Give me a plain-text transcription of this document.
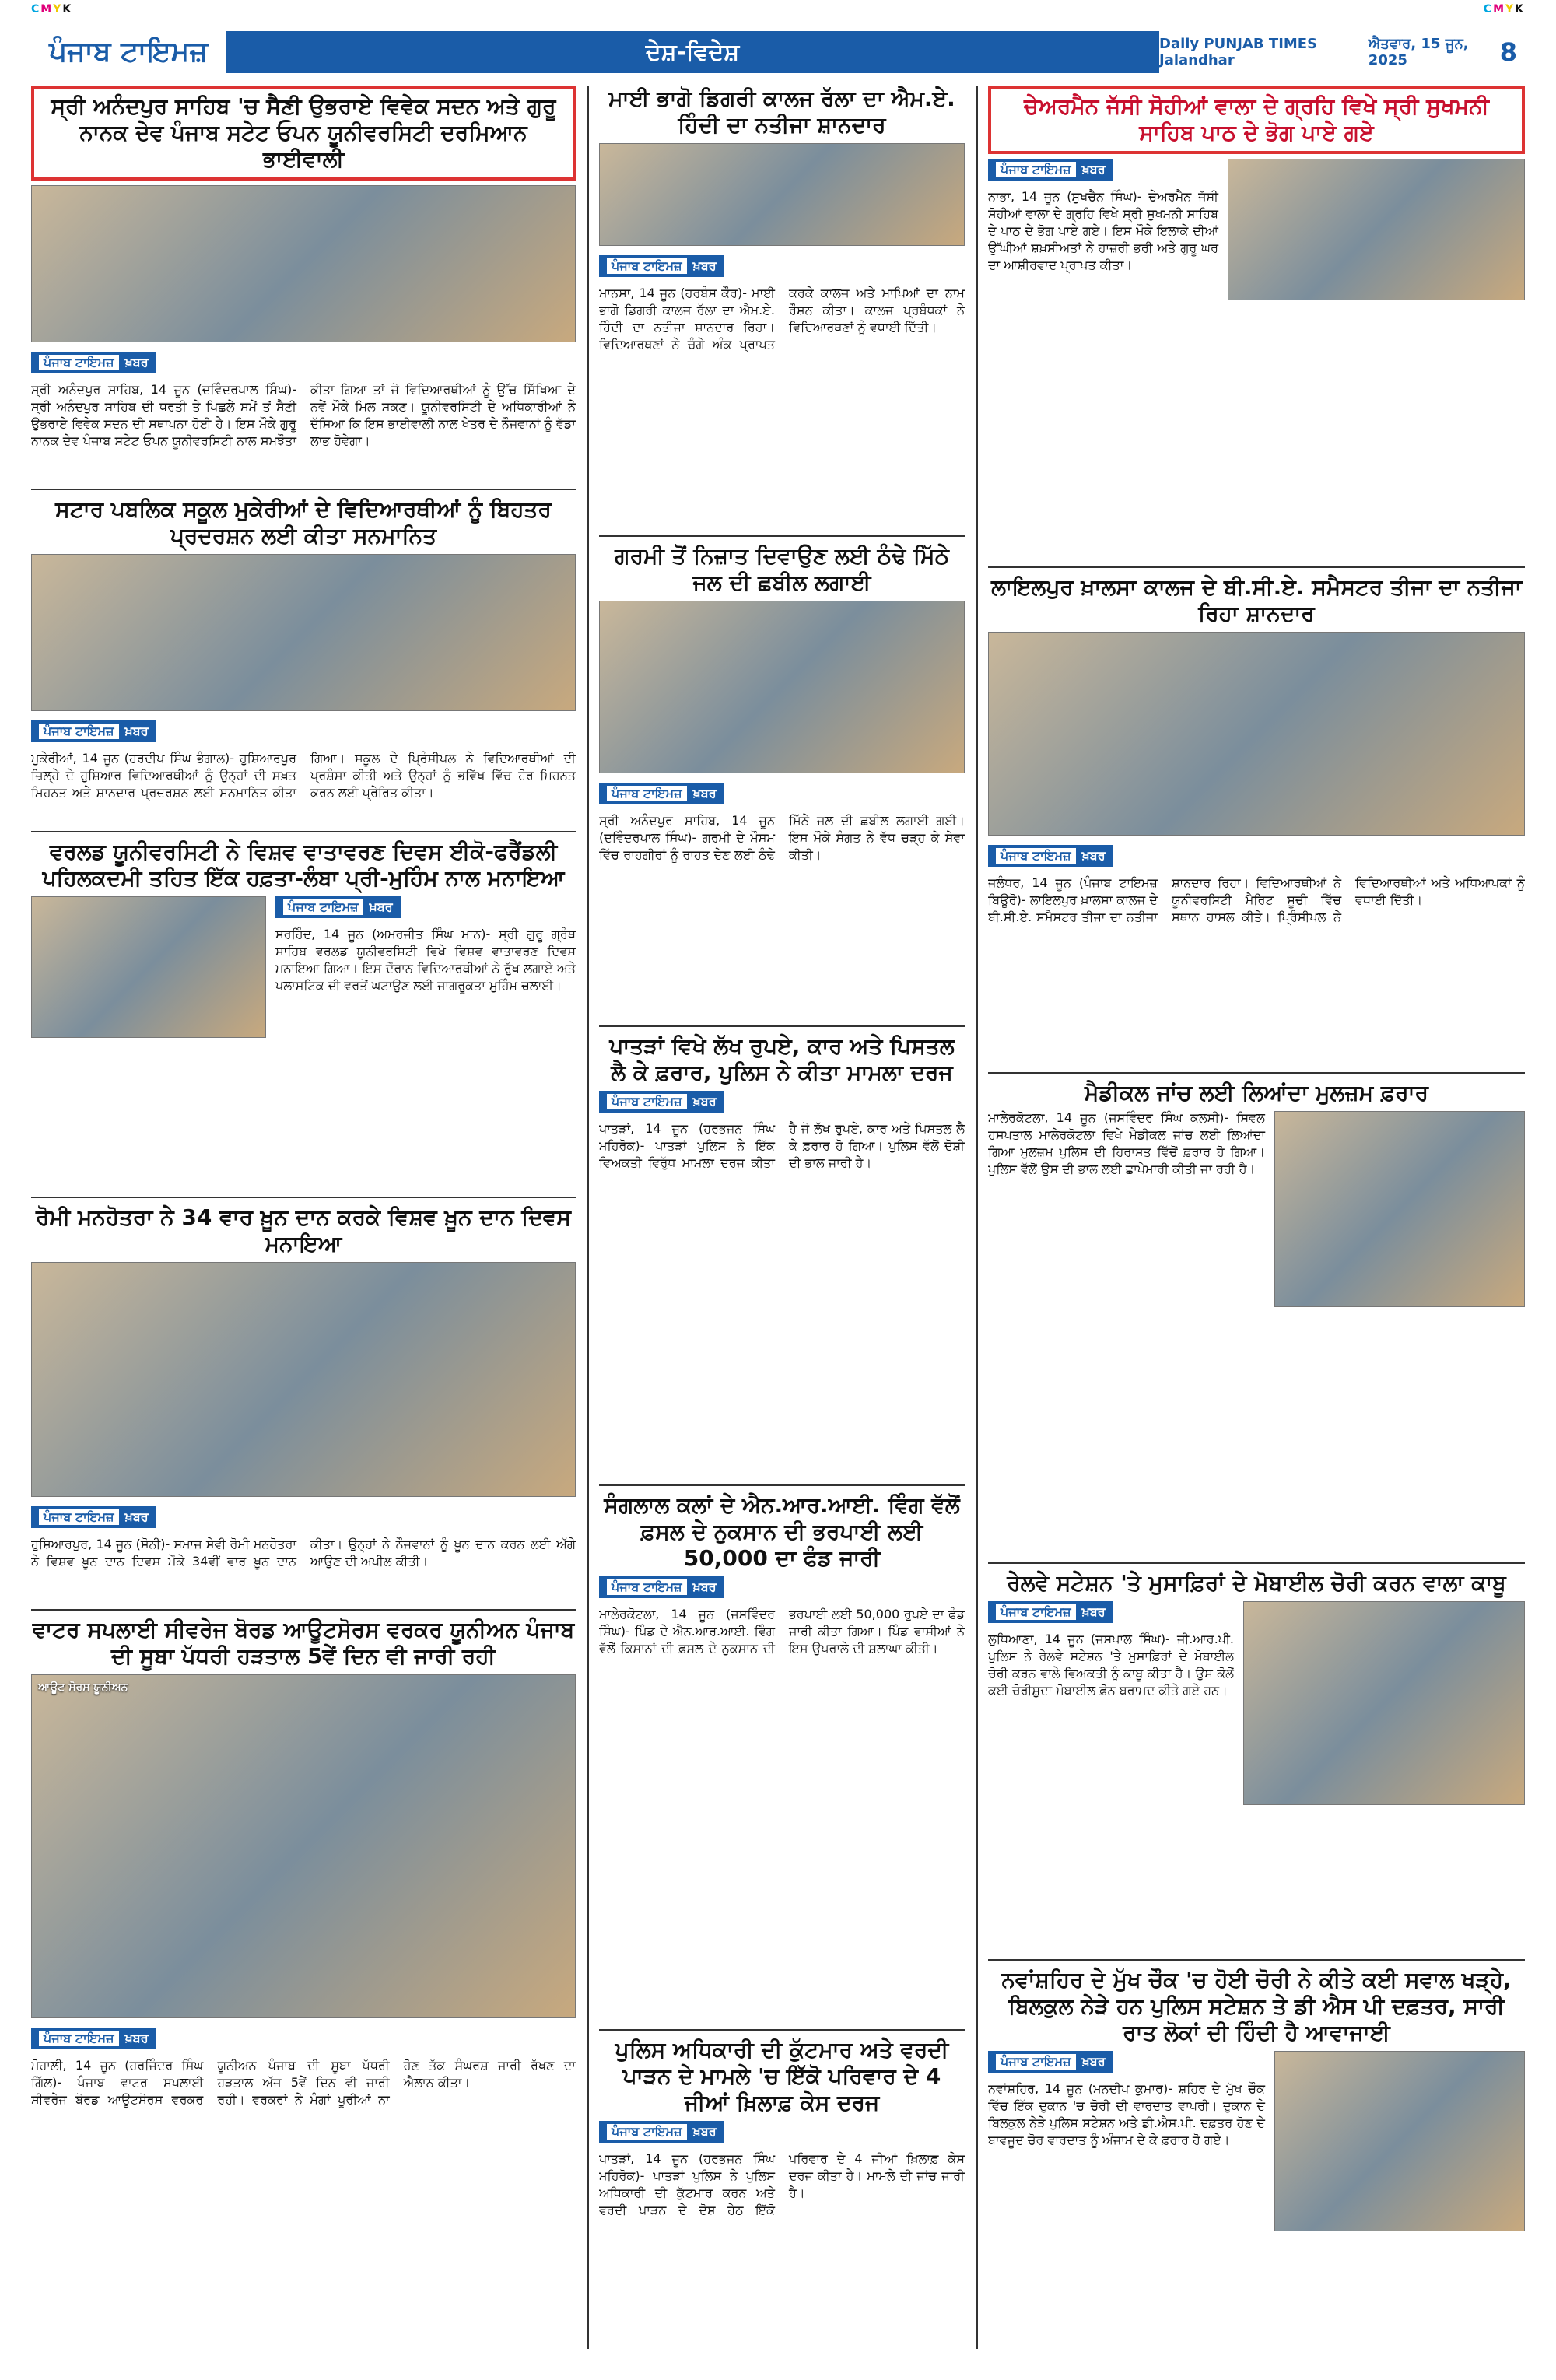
CMYK	CMYK
ਪੰਜਾਬ ਟਾਇਮਜ਼	ਦੇਸ਼-ਵਿਦੇਸ਼	Daily PUNJAB TIMES Jalandhar
ਐਤਵਾਰ, 15 ਜੂਨ, 2025	8
ਸ੍ਰੀ ਅਨੰਦਪੁਰ ਸਾਹਿਬ 'ਚ ਸੈਣੀ ਉਭਰਾਏ ਵਿਵੇਕ ਸਦਨ ਅਤੇ ਗੁਰੂ ਨਾਨਕ ਦੇਵ ਪੰਜਾਬ ਸਟੇਟ ਓਪਨ ਯੂਨੀਵਰਸਿਟੀ ਦਰਮਿਆਨ ਭਾਈਵਾਲੀ
ਪੰਜਾਬ ਟਾਇਮਜ਼ ਖ਼ਬਰ

ਸ੍ਰੀ ਅਨੰਦਪੁਰ ਸਾਹਿਬ, 14 ਜੂਨ (ਦਵਿੰਦਰਪਾਲ ਸਿੰਘ)- ਸ੍ਰੀ ਅਨੰਦਪੁਰ ਸਾਹਿਬ ਦੀ ਧਰਤੀ ਤੇ ਪਿਛਲੇ ਸਮੇਂ ਤੋਂ ਸੈਣੀ ਉਭਰਾਏ ਵਿਵੇਕ ਸਦਨ ਦੀ ਸਥਾਪਨਾ ਹੋਈ ਹੈ। ਇਸ ਮੌਕੇ ਗੁਰੂ ਨਾਨਕ ਦੇਵ ਪੰਜਾਬ ਸਟੇਟ ਓਪਨ ਯੂਨੀਵਰਸਿਟੀ ਨਾਲ ਸਮਝੌਤਾ ਕੀਤਾ ਗਿਆ ਤਾਂ ਜੋ ਵਿਦਿਆਰਥੀਆਂ ਨੂੰ ਉੱਚ ਸਿੱਖਿਆ ਦੇ ਨਵੇਂ ਮੌਕੇ ਮਿਲ ਸਕਣ। ਯੂਨੀਵਰਸਿਟੀ ਦੇ ਅਧਿਕਾਰੀਆਂ ਨੇ ਦੱਸਿਆ ਕਿ ਇਸ ਭਾਈਵਾਲੀ ਨਾਲ ਖੇਤਰ ਦੇ ਨੌਜਵਾਨਾਂ ਨੂੰ ਵੱਡਾ ਲਾਭ ਹੋਵੇਗਾ।

ਸਟਾਰ ਪਬਲਿਕ ਸਕੂਲ ਮੁਕੇਰੀਆਂ ਦੇ ਵਿਦਿਆਰਥੀਆਂ ਨੂੰ ਬਿਹਤਰ ਪ੍ਰਦਰਸ਼ਨ ਲਈ ਕੀਤਾ ਸਨਮਾਨਿਤ
ਪੰਜਾਬ ਟਾਇਮਜ਼ ਖ਼ਬਰ

ਮੁਕੇਰੀਆਂ, 14 ਜੂਨ (ਹਰਦੀਪ ਸਿੰਘ ਭੰਗਾਲ)- ਹੁਸ਼ਿਆਰਪੁਰ ਜ਼ਿਲ੍ਹੇ ਦੇ ਹੁਸ਼ਿਆਰ ਵਿਦਿਆਰਥੀਆਂ ਨੂੰ ਉਨ੍ਹਾਂ ਦੀ ਸਖ਼ਤ ਮਿਹਨਤ ਅਤੇ ਸ਼ਾਨਦਾਰ ਪ੍ਰਦਰਸ਼ਨ ਲਈ ਸਨਮਾਨਿਤ ਕੀਤਾ ਗਿਆ। ਸਕੂਲ ਦੇ ਪ੍ਰਿੰਸੀਪਲ ਨੇ ਵਿਦਿਆਰਥੀਆਂ ਦੀ ਪ੍ਰਸ਼ੰਸਾ ਕੀਤੀ ਅਤੇ ਉਨ੍ਹਾਂ ਨੂੰ ਭਵਿੱਖ ਵਿੱਚ ਹੋਰ ਮਿਹਨਤ ਕਰਨ ਲਈ ਪ੍ਰੇਰਿਤ ਕੀਤਾ।

ਵਰਲਡ ਯੂਨੀਵਰਸਿਟੀ ਨੇ ਵਿਸ਼ਵ ਵਾਤਾਵਰਣ ਦਿਵਸ ਈਕੋ-ਫਰੈਂਡਲੀ ਪਹਿਲਕਦਮੀ ਤਹਿਤ ਇੱਕ ਹਫ਼ਤਾ-ਲੰਬਾ ਪ੍ਰੀ-ਮੁਹਿੰਮ ਨਾਲ ਮਨਾਇਆ
ਪੰਜਾਬ ਟਾਇਮਜ਼ ਖ਼ਬਰ

ਸਰਹਿੰਦ, 14 ਜੂਨ (ਅਮਰਜੀਤ ਸਿੰਘ ਮਾਨ)- ਸ੍ਰੀ ਗੁਰੂ ਗ੍ਰੰਥ ਸਾਹਿਬ ਵਰਲਡ ਯੂਨੀਵਰਸਿਟੀ ਵਿਖੇ ਵਿਸ਼ਵ ਵਾਤਾਵਰਣ ਦਿਵਸ ਮਨਾਇਆ ਗਿਆ। ਇਸ ਦੌਰਾਨ ਵਿਦਿਆਰਥੀਆਂ ਨੇ ਰੁੱਖ ਲਗਾਏ ਅਤੇ ਪਲਾਸਟਿਕ ਦੀ ਵਰਤੋਂ ਘਟਾਉਣ ਲਈ ਜਾਗਰੂਕਤਾ ਮੁਹਿੰਮ ਚਲਾਈ।

ਰੋਮੀ ਮਨਹੋਤਰਾ ਨੇ 34 ਵਾਰ ਖ਼ੂਨ ਦਾਨ ਕਰਕੇ ਵਿਸ਼ਵ ਖ਼ੂਨ ਦਾਨ ਦਿਵਸ ਮਨਾਇਆ
ਪੰਜਾਬ ਟਾਇਮਜ਼ ਖ਼ਬਰ

ਹੁਸ਼ਿਆਰਪੁਰ, 14 ਜੂਨ (ਸੋਨੀ)- ਸਮਾਜ ਸੇਵੀ ਰੋਮੀ ਮਨਹੋਤਰਾ ਨੇ ਵਿਸ਼ਵ ਖ਼ੂਨ ਦਾਨ ਦਿਵਸ ਮੌਕੇ 34ਵੀਂ ਵਾਰ ਖ਼ੂਨ ਦਾਨ ਕੀਤਾ। ਉਨ੍ਹਾਂ ਨੇ ਨੌਜਵਾਨਾਂ ਨੂੰ ਖ਼ੂਨ ਦਾਨ ਕਰਨ ਲਈ ਅੱਗੇ ਆਉਣ ਦੀ ਅਪੀਲ ਕੀਤੀ।

ਵਾਟਰ ਸਪਲਾਈ ਸੀਵਰੇਜ ਬੋਰਡ ਆਊਟਸੋਰਸ ਵਰਕਰ ਯੂਨੀਅਨ ਪੰਜਾਬ ਦੀ ਸੂਬਾ ਪੱਧਰੀ ਹੜਤਾਲ 5ਵੇਂ ਦਿਨ ਵੀ ਜਾਰੀ ਰਹੀ
ਆਊਟ ਸੋਰਸ ਯੂਨੀਅਨ
ਪੰਜਾਬ ਟਾਇਮਜ਼ ਖ਼ਬਰ

ਮੋਹਾਲੀ, 14 ਜੂਨ (ਹਰਜਿੰਦਰ ਸਿੰਘ ਗਿੱਲ)- ਪੰਜਾਬ ਵਾਟਰ ਸਪਲਾਈ ਸੀਵਰੇਜ ਬੋਰਡ ਆਊਟਸੋਰਸ ਵਰਕਰ ਯੂਨੀਅਨ ਪੰਜਾਬ ਦੀ ਸੂਬਾ ਪੱਧਰੀ ਹੜਤਾਲ ਅੱਜ 5ਵੇਂ ਦਿਨ ਵੀ ਜਾਰੀ ਰਹੀ। ਵਰਕਰਾਂ ਨੇ ਮੰਗਾਂ ਪੂਰੀਆਂ ਨਾ ਹੋਣ ਤੱਕ ਸੰਘਰਸ਼ ਜਾਰੀ ਰੱਖਣ ਦਾ ਐਲਾਨ ਕੀਤਾ।

ਮਾਈ ਭਾਗੋ ਡਿਗਰੀ ਕਾਲਜ ਰੱਲਾ ਦਾ ਐਮ.ਏ. ਹਿੰਦੀ ਦਾ ਨਤੀਜਾ ਸ਼ਾਨਦਾਰ
ਪੰਜਾਬ ਟਾਇਮਜ਼ ਖ਼ਬਰ

ਮਾਨਸਾ, 14 ਜੂਨ (ਹਰਬੰਸ ਕੌਰ)- ਮਾਈ ਭਾਗੋ ਡਿਗਰੀ ਕਾਲਜ ਰੱਲਾ ਦਾ ਐਮ.ਏ. ਹਿੰਦੀ ਦਾ ਨਤੀਜਾ ਸ਼ਾਨਦਾਰ ਰਿਹਾ। ਵਿਦਿਆਰਥਣਾਂ ਨੇ ਚੰਗੇ ਅੰਕ ਪ੍ਰਾਪਤ ਕਰਕੇ ਕਾਲਜ ਅਤੇ ਮਾਪਿਆਂ ਦਾ ਨਾਮ ਰੌਸ਼ਨ ਕੀਤਾ। ਕਾਲਜ ਪ੍ਰਬੰਧਕਾਂ ਨੇ ਵਿਦਿਆਰਥਣਾਂ ਨੂੰ ਵਧਾਈ ਦਿੱਤੀ।

ਗਰਮੀ ਤੋਂ ਨਿਜ਼ਾਤ ਦਿਵਾਉਣ ਲਈ ਠੰਢੇ ਮਿੱਠੇ ਜਲ ਦੀ ਛਬੀਲ ਲਗਾਈ
ਪੰਜਾਬ ਟਾਇਮਜ਼ ਖ਼ਬਰ

ਸ੍ਰੀ ਅਨੰਦਪੁਰ ਸਾਹਿਬ, 14 ਜੂਨ (ਦਵਿੰਦਰਪਾਲ ਸਿੰਘ)- ਗਰਮੀ ਦੇ ਮੌਸਮ ਵਿੱਚ ਰਾਹਗੀਰਾਂ ਨੂੰ ਰਾਹਤ ਦੇਣ ਲਈ ਠੰਢੇ ਮਿੱਠੇ ਜਲ ਦੀ ਛਬੀਲ ਲਗਾਈ ਗਈ। ਇਸ ਮੌਕੇ ਸੰਗਤ ਨੇ ਵੱਧ ਚੜ੍ਹ ਕੇ ਸੇਵਾ ਕੀਤੀ।

ਪਾਤੜਾਂ ਵਿਖੇ ਲੱਖ ਰੁਪਏ, ਕਾਰ ਅਤੇ ਪਿਸਤਲ ਲੈ ਕੇ ਫ਼ਰਾਰ, ਪੁਲਿਸ ਨੇ ਕੀਤਾ ਮਾਮਲਾ ਦਰਜ
ਪੰਜਾਬ ਟਾਇਮਜ਼ ਖ਼ਬਰ

ਪਾਤੜਾਂ, 14 ਜੂਨ (ਹਰਭਜਨ ਸਿੰਘ ਮਹਿਰੋਕ)- ਪਾਤੜਾਂ ਪੁਲਿਸ ਨੇ ਇੱਕ ਵਿਅਕਤੀ ਵਿਰੁੱਧ ਮਾਮਲਾ ਦਰਜ ਕੀਤਾ ਹੈ ਜੋ ਲੱਖ ਰੁਪਏ, ਕਾਰ ਅਤੇ ਪਿਸਤਲ ਲੈ ਕੇ ਫ਼ਰਾਰ ਹੋ ਗਿਆ। ਪੁਲਿਸ ਵੱਲੋਂ ਦੋਸ਼ੀ ਦੀ ਭਾਲ ਜਾਰੀ ਹੈ।

ਸੰਗਲਾਲ ਕਲਾਂ ਦੇ ਐਨ.ਆਰ.ਆਈ. ਵਿੰਗ ਵੱਲੋਂ ਫ਼ਸਲ ਦੇ ਨੁਕਸਾਨ ਦੀ ਭਰਪਾਈ ਲਈ 50,000 ਦਾ ਫੰਡ ਜਾਰੀ
ਪੰਜਾਬ ਟਾਇਮਜ਼ ਖ਼ਬਰ

ਮਾਲੇਰਕੋਟਲਾ, 14 ਜੂਨ (ਜਸਵਿੰਦਰ ਸਿੰਘ)- ਪਿੰਡ ਦੇ ਐਨ.ਆਰ.ਆਈ. ਵਿੰਗ ਵੱਲੋਂ ਕਿਸਾਨਾਂ ਦੀ ਫ਼ਸਲ ਦੇ ਨੁਕਸਾਨ ਦੀ ਭਰਪਾਈ ਲਈ 50,000 ਰੁਪਏ ਦਾ ਫੰਡ ਜਾਰੀ ਕੀਤਾ ਗਿਆ। ਪਿੰਡ ਵਾਸੀਆਂ ਨੇ ਇਸ ਉਪਰਾਲੇ ਦੀ ਸ਼ਲਾਘਾ ਕੀਤੀ।

ਪੁਲਿਸ ਅਧਿਕਾਰੀ ਦੀ ਕੁੱਟਮਾਰ ਅਤੇ ਵਰਦੀ ਪਾੜਨ ਦੇ ਮਾਮਲੇ 'ਚ ਇੱਕੋ ਪਰਿਵਾਰ ਦੇ 4 ਜੀਆਂ ਖ਼ਿਲਾਫ਼ ਕੇਸ ਦਰਜ
ਪੰਜਾਬ ਟਾਇਮਜ਼ ਖ਼ਬਰ

ਪਾਤੜਾਂ, 14 ਜੂਨ (ਹਰਭਜਨ ਸਿੰਘ ਮਹਿਰੋਕ)- ਪਾਤੜਾਂ ਪੁਲਿਸ ਨੇ ਪੁਲਿਸ ਅਧਿਕਾਰੀ ਦੀ ਕੁੱਟਮਾਰ ਕਰਨ ਅਤੇ ਵਰਦੀ ਪਾੜਨ ਦੇ ਦੋਸ਼ ਹੇਠ ਇੱਕੋ ਪਰਿਵਾਰ ਦੇ 4 ਜੀਆਂ ਖ਼ਿਲਾਫ਼ ਕੇਸ ਦਰਜ ਕੀਤਾ ਹੈ। ਮਾਮਲੇ ਦੀ ਜਾਂਚ ਜਾਰੀ ਹੈ।

ਚੇਅਰਮੈਨ ਜੱਸੀ ਸੋਹੀਆਂ ਵਾਲਾ ਦੇ ਗ੍ਰਹਿ ਵਿਖੇ ਸ੍ਰੀ ਸੁਖਮਨੀ ਸਾਹਿਬ ਪਾਠ ਦੇ ਭੋਗ ਪਾਏ ਗਏ
ਪੰਜਾਬ ਟਾਇਮਜ਼ ਖ਼ਬਰ

ਨਾਭਾ, 14 ਜੂਨ (ਸੁਖਚੈਨ ਸਿੰਘ)- ਚੇਅਰਮੈਨ ਜੱਸੀ ਸੋਹੀਆਂ ਵਾਲਾ ਦੇ ਗ੍ਰਹਿ ਵਿਖੇ ਸ੍ਰੀ ਸੁਖਮਨੀ ਸਾਹਿਬ ਦੇ ਪਾਠ ਦੇ ਭੋਗ ਪਾਏ ਗਏ। ਇਸ ਮੌਕੇ ਇਲਾਕੇ ਦੀਆਂ ਉੱਘੀਆਂ ਸ਼ਖ਼ਸੀਅਤਾਂ ਨੇ ਹਾਜ਼ਰੀ ਭਰੀ ਅਤੇ ਗੁਰੂ ਘਰ ਦਾ ਆਸ਼ੀਰਵਾਦ ਪ੍ਰਾਪਤ ਕੀਤਾ।

ਲਾਇਲਪੁਰ ਖ਼ਾਲਸਾ ਕਾਲਜ ਦੇ ਬੀ.ਸੀ.ਏ. ਸਮੈਸਟਰ ਤੀਜਾ ਦਾ ਨਤੀਜਾ ਰਿਹਾ ਸ਼ਾਨਦਾਰ
ਪੰਜਾਬ ਟਾਇਮਜ਼ ਖ਼ਬਰ

ਜਲੰਧਰ, 14 ਜੂਨ (ਪੰਜਾਬ ਟਾਇਮਜ਼ ਬਿਊਰੋ)- ਲਾਇਲਪੁਰ ਖ਼ਾਲਸਾ ਕਾਲਜ ਦੇ ਬੀ.ਸੀ.ਏ. ਸਮੈਸਟਰ ਤੀਜਾ ਦਾ ਨਤੀਜਾ ਸ਼ਾਨਦਾਰ ਰਿਹਾ। ਵਿਦਿਆਰਥੀਆਂ ਨੇ ਯੂਨੀਵਰਸਿਟੀ ਮੈਰਿਟ ਸੂਚੀ ਵਿੱਚ ਸਥਾਨ ਹਾਸਲ ਕੀਤੇ। ਪ੍ਰਿੰਸੀਪਲ ਨੇ ਵਿਦਿਆਰਥੀਆਂ ਅਤੇ ਅਧਿਆਪਕਾਂ ਨੂੰ ਵਧਾਈ ਦਿੱਤੀ।

ਮੈਡੀਕਲ ਜਾਂਚ ਲਈ ਲਿਆਂਦਾ ਮੁਲਜ਼ਮ ਫ਼ਰਾਰ

ਮਾਲੇਰਕੋਟਲਾ, 14 ਜੂਨ (ਜਸਵਿੰਦਰ ਸਿੰਘ ਕਲਸੀ)- ਸਿਵਲ ਹਸਪਤਾਲ ਮਾਲੇਰਕੋਟਲਾ ਵਿਖੇ ਮੈਡੀਕਲ ਜਾਂਚ ਲਈ ਲਿਆਂਦਾ ਗਿਆ ਮੁਲਜ਼ਮ ਪੁਲਿਸ ਦੀ ਹਿਰਾਸਤ ਵਿੱਚੋਂ ਫ਼ਰਾਰ ਹੋ ਗਿਆ। ਪੁਲਿਸ ਵੱਲੋਂ ਉਸ ਦੀ ਭਾਲ ਲਈ ਛਾਪੇਮਾਰੀ ਕੀਤੀ ਜਾ ਰਹੀ ਹੈ।

ਰੇਲਵੇ ਸਟੇਸ਼ਨ 'ਤੇ ਮੁਸਾਫ਼ਿਰਾਂ ਦੇ ਮੋਬਾਈਲ ਚੋਰੀ ਕਰਨ ਵਾਲਾ ਕਾਬੂ
ਪੰਜਾਬ ਟਾਇਮਜ਼ ਖ਼ਬਰ

ਲੁਧਿਆਣਾ, 14 ਜੂਨ (ਜਸਪਾਲ ਸਿੰਘ)- ਜੀ.ਆਰ.ਪੀ. ਪੁਲਿਸ ਨੇ ਰੇਲਵੇ ਸਟੇਸ਼ਨ 'ਤੇ ਮੁਸਾਫ਼ਿਰਾਂ ਦੇ ਮੋਬਾਈਲ ਚੋਰੀ ਕਰਨ ਵਾਲੇ ਵਿਅਕਤੀ ਨੂੰ ਕਾਬੂ ਕੀਤਾ ਹੈ। ਉਸ ਕੋਲੋਂ ਕਈ ਚੋਰੀਸ਼ੁਦਾ ਮੋਬਾਈਲ ਫ਼ੋਨ ਬਰਾਮਦ ਕੀਤੇ ਗਏ ਹਨ।

ਨਵਾਂਸ਼ਹਿਰ ਦੇ ਮੁੱਖ ਚੌਕ 'ਚ ਹੋਈ ਚੋਰੀ ਨੇ ਕੀਤੇ ਕਈ ਸਵਾਲ ਖੜ੍ਹੇ, ਬਿਲਕੁਲ ਨੇੜੇ ਹਨ ਪੁਲਿਸ ਸਟੇਸ਼ਨ ਤੇ ਡੀ ਐਸ ਪੀ ਦਫ਼ਤਰ, ਸਾਰੀ ਰਾਤ ਲੋਕਾਂ ਦੀ ਹਿੰਦੀ ਹੈ ਆਵਾਜਾਈ
ਪੰਜਾਬ ਟਾਇਮਜ਼ ਖ਼ਬਰ

ਨਵਾਂਸ਼ਹਿਰ, 14 ਜੂਨ (ਮਨਦੀਪ ਕੁਮਾਰ)- ਸ਼ਹਿਰ ਦੇ ਮੁੱਖ ਚੌਕ ਵਿੱਚ ਇੱਕ ਦੁਕਾਨ 'ਚ ਚੋਰੀ ਦੀ ਵਾਰਦਾਤ ਵਾਪਰੀ। ਦੁਕਾਨ ਦੇ ਬਿਲਕੁਲ ਨੇੜੇ ਪੁਲਿਸ ਸਟੇਸ਼ਨ ਅਤੇ ਡੀ.ਐਸ.ਪੀ. ਦਫ਼ਤਰ ਹੋਣ ਦੇ ਬਾਵਜੂਦ ਚੋਰ ਵਾਰਦਾਤ ਨੂੰ ਅੰਜਾਮ ਦੇ ਕੇ ਫ਼ਰਾਰ ਹੋ ਗਏ।
